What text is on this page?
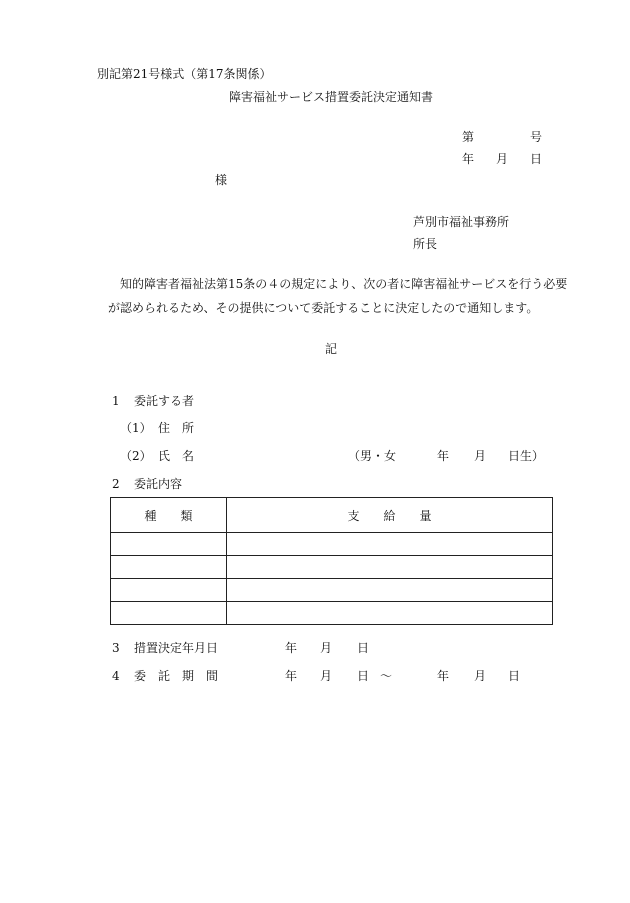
別記第21号様式（第17条関係）
障害福祉サービス措置委託決定通知書
第	号
年 月 日
様
芦別市福祉事務所
所長
知的障害者福祉法第15条の４の規定により、次の者に障害福祉サービスを行う必要が認められるため、その提供について委託することに決定したので通知します。
記
1 委託する者
（1） 住　所
（2） 氏　名	（男・女	年 月 日生）
2 委託内容
種　　類	支　　給　　量

3 措置決定年月日	年 月 日
4 委　託　期　間	年 月 日 ～	年 月 日
